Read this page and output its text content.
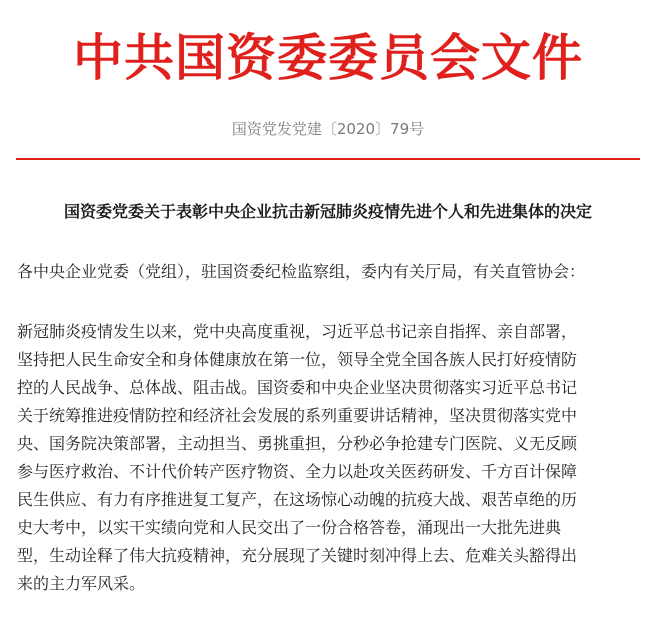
中共国资委委员会文件
国资党发党建〔2020〕79号
国资委党委关于表彰中央企业抗击新冠肺炎疫情先进个人和先进集体的决定
各中央企业党委（党组），驻国资委纪检监察组，委内有关厅局，有关直管协会：
新冠肺炎疫情发生以来，党中央高度重视，习近平总书记亲自指挥、亲自部署，
坚持把人民生命安全和身体健康放在第一位，领导全党全国各族人民打好疫情防
控的人民战争、总体战、阻击战。国资委和中央企业坚决贯彻落实习近平总书记
关于统筹推进疫情防控和经济社会发展的系列重要讲话精神，坚决贯彻落实党中
央、国务院决策部署，主动担当、勇挑重担，分秒必争抢建专门医院、义无反顾
参与医疗救治、不计代价转产医疗物资、全力以赴攻关医药研发、千方百计保障
民生供应、有力有序推进复工复产，在这场惊心动魄的抗疫大战、艰苦卓绝的历
史大考中，以实干实绩向党和人民交出了一份合格答卷，涌现出一大批先进典
型，生动诠释了伟大抗疫精神，充分展现了关键时刻冲得上去、危难关头豁得出
来的主力军风采。
